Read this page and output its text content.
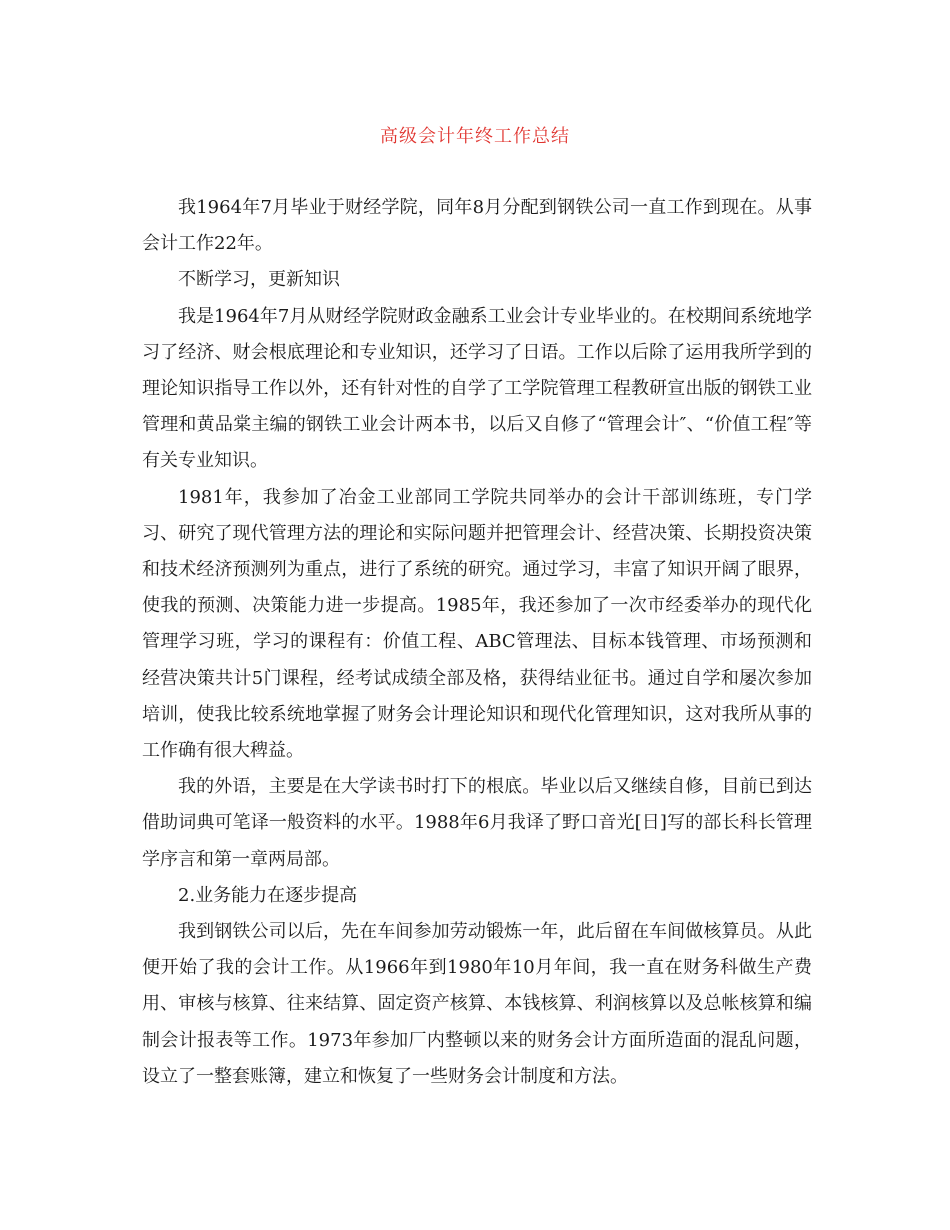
高级会计年终工作总结

我1964年7月毕业于财经学院，同年8月分配到钢铁公司一直工作到现在。从事会计工作22年。

不断学习，更新知识

我是1964年7月从财经学院财政金融系工业会计专业毕业的。在校期间系统地学习了经济、财会根底理论和专业知识，还学习了日语。工作以后除了运用我所学到的理论知识指导工作以外，还有针对性的自学了工学院管理工程教研宣出版的钢铁工业管理和黄品棠主编的钢铁工业会计两本书，以后又自修了“管理会计″、“价值工程″等有关专业知识。

1981年，我参加了冶金工业部同工学院共同举办的会计干部训练班，专门学习、研究了现代管理方法的理论和实际问题并把管理会计、经营决策、长期投资决策和技术经济预测列为重点，进行了系统的研究。通过学习，丰富了知识开阔了眼界，使我的预测、决策能力进一步提高。1985年，我还参加了一次市经委举办的现代化管理学习班，学习的课程有：价值工程、ABC管理法、目标本钱管理、市场预测和经营决策共计5门课程，经考试成绩全部及格，获得结业征书。通过自学和屡次参加培训，使我比较系统地掌握了财务会计理论知识和现代化管理知识，这对我所从事的工作确有很大稗益。

我的外语，主要是在大学读书时打下的根底。毕业以后又继续自修，目前已到达借助词典可笔译一般资料的水平。1988年6月我译了野口音光[日]写的部长科长管理学序言和第一章两局部。

2.业务能力在逐步提高

我到钢铁公司以后，先在车间参加劳动锻炼一年，此后留在车间做核算员。从此便开始了我的会计工作。从1966年到1980年10月年间，我一直在财务科做生产费用、审核与核算、往来结算、固定资产核算、本钱核算、利润核算以及总帐核算和编制会计报表等工作。1973年参加厂内整顿以来的财务会计方面所造面的混乱问题，设立了一整套账簿，建立和恢复了一些财务会计制度和方法。
